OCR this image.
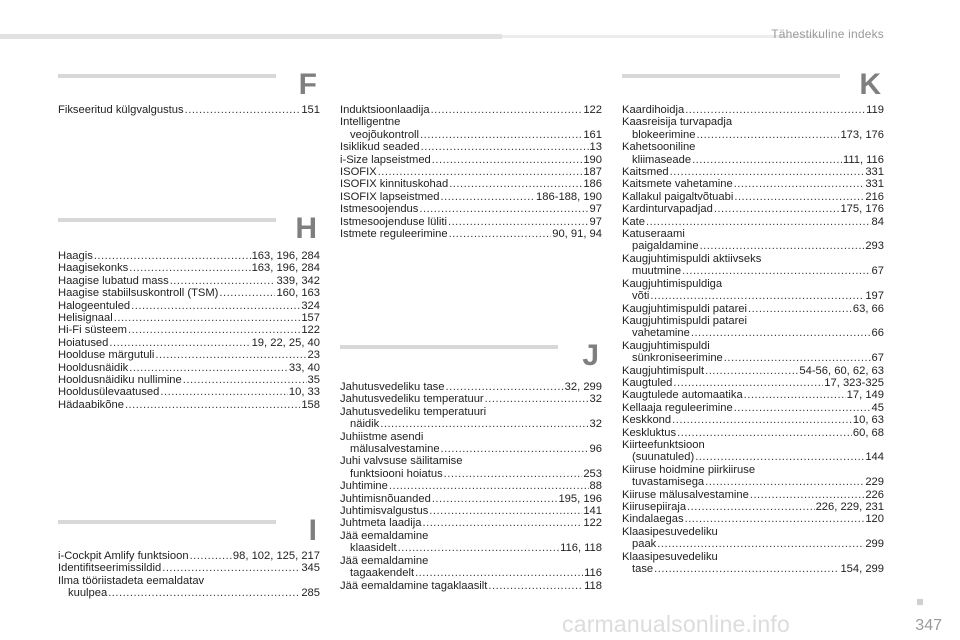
Tähestikuline indeks
F
Fikseeritud külgvalgustus .....	151
H
Haagis .....	163, 196, 284
Haagisekonks .....	163, 196, 284
Haagise lubatud mass .....	339, 342
Haagise stabiilsuskontroll (TSM) .....	160, 163
Halogeentuled .....	324
Helisignaal .....	157
Hi-Fi süsteem .....	122
Hoiatused .....	19, 22, 25, 40
Hoolduse märgutuli .....	23
Hooldusnäidik .....	33, 40
Hooldusnäidiku nullimine .....	35
Hooldusülevaatused .....	10, 33
Hädaabikõne .....	158
I
i-Cockpit Amlify funktsioon .....	98, 102, 125, 217
Identifitseerimissildid .....	345
Ilma tööriistadeta eemaldatav
kuulpea .....	285
Induktsioonlaadija .....	122
Intelligentne
veojõukontroll .....	161
Isiklikud seaded .....	13
i-Size lapseistmed .....	190
ISOFIX .....	187
ISOFIX kinnituskohad .....	186
ISOFIX lapseistmed .....	186-188, 190
Istmesoojendus .....	97
Istmesoojenduse lüliti .....	97
Istmete reguleerimine .....	90, 91, 94
J
Jahutusvedeliku tase .....	32, 299
Jahutusvedeliku temperatuur .....	32
Jahutusvedeliku temperatuuri
näidik .....	32
Juhiistme asendi
mälusalvestamine .....	96
Juhi valvsuse säilitamise
funktsiooni hoiatus .....	253
Juhtimine .....	88
Juhtimisnõuanded .....	195, 196
Juhtimisvalgustus .....	141
Juhtmeta laadija .....	122
Jää eemaldamine
klaasidelt .....	116, 118
Jää eemaldamine
tagaakendelt .....	116
Jää eemaldamine tagaklaasilt .....	118
K
Kaardihoidja .....	119
Kaasreisija turvapadja
blokeerimine .....	173, 176
Kahetsooniline
kliimaseade .....	111, 116
Kaitsmed .....	331
Kaitsmete vahetamine .....	331
Kallakul paigaltvõtuabi .....	216
Kardinturvapadjad .....	175, 176
Kate .....	84
Katuseraami
paigaldamine .....	293
Kaugjuhtimispuldi aktiivseks
muutmine .....	67
Kaugjuhtimispuldiga
võti .....	197
Kaugjuhtimispuldi patarei .....	63, 66
Kaugjuhtimispuldi patarei
vahetamine .....	66
Kaugjuhtimispuldi
sünkroniseerimine .....	67
Kaugjuhtimispult .....	54-56, 60, 62, 63
Kaugtuled .....	17, 323-325
Kaugtulede automaatika .....	17, 149
Kellaaja reguleerimine .....	45
Keskkond .....	10, 63
Keskluktus .....	60, 68
Kiirteefunktsioon
(suunatuled) .....	144
Kiiruse hoidmine piirkiiruse
tuvastamisega .....	229
Kiiruse mälusalvestamine .....	226
Kiirusepiiraja .....	226, 229, 231
Kindalaegas .....	120
Klaasipesuvedeliku
paak .....	299
Klaasipesuvedeliku
tase .....	154, 299
347
carmanualsonline.info
